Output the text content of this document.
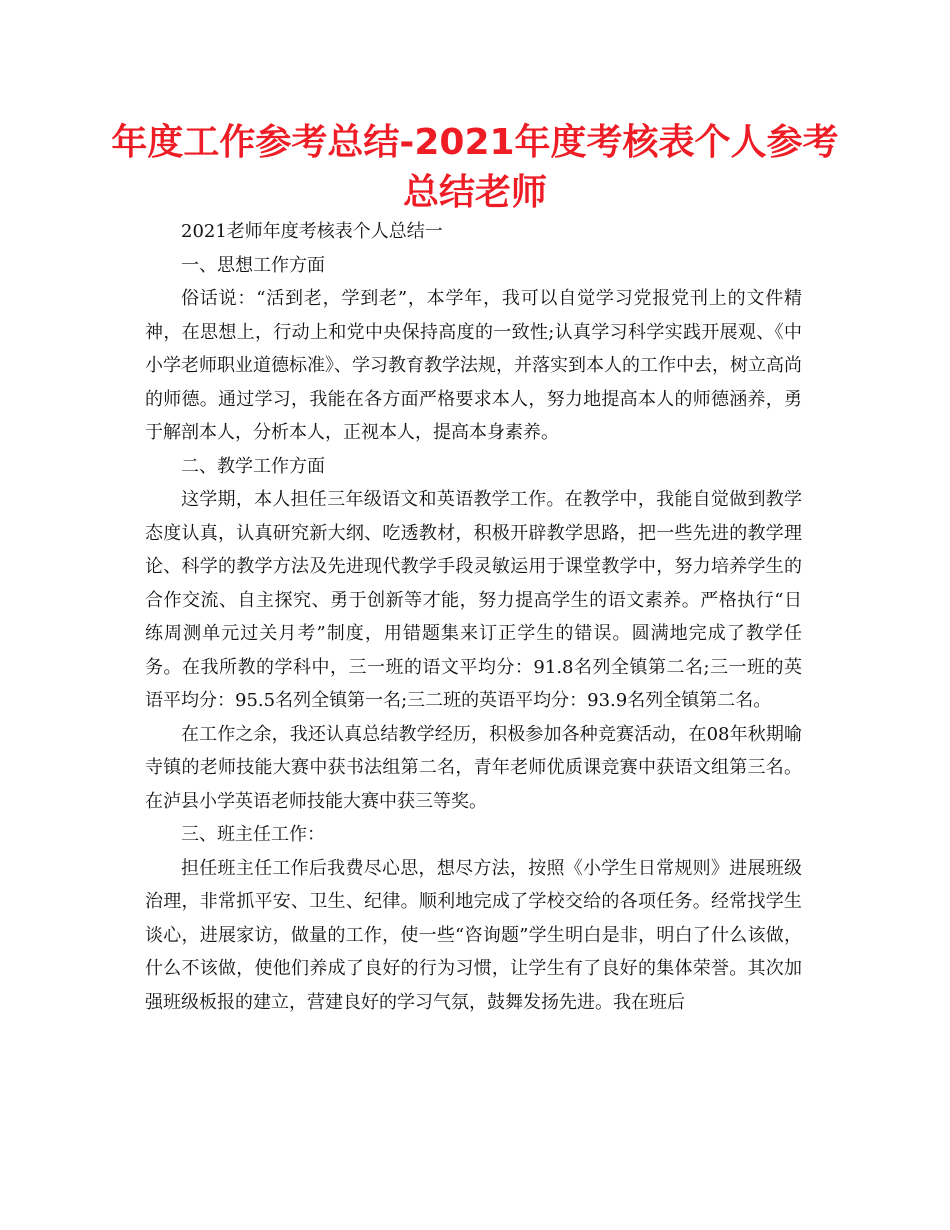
年度工作参考总结-2021年度考核表个人参考总结老师

2021老师年度考核表个人总结一

一、思想工作方面

俗话说：“活到老，学到老”，本学年，我可以自觉学习党报党刊上的文件精神，在思想上，行动上和党中央保持高度的一致性;认真学习科学实践开展观、《中小学老师职业道德标准》、学习教育教学法规，并落实到本人的工作中去，树立高尚的师德。通过学习，我能在各方面严格要求本人，努力地提高本人的师德涵养，勇于解剖本人，分析本人，正视本人，提高本身素养。

二、教学工作方面

这学期，本人担任三年级语文和英语教学工作。在教学中，我能自觉做到教学态度认真，认真研究新大纲、吃透教材，积极开辟教学思路，把一些先进的教学理论、科学的教学方法及先进现代教学手段灵敏运用于课堂教学中，努力培养学生的合作交流、自主探究、勇于创新等才能，努力提高学生的语文素养。严格执行“日练周测单元过关月考”制度，用错题集来订正学生的错误。圆满地完成了教学任务。在我所教的学科中，三一班的语文平均分：91.8名列全镇第二名;三一班的英语平均分：95.5名列全镇第一名;三二班的英语平均分：93.9名列全镇第二名。

在工作之余，我还认真总结教学经历，积极参加各种竞赛活动，在08年秋期喻寺镇的老师技能大赛中获书法组第二名，青年老师优质课竞赛中获语文组第三名。在泸县小学英语老师技能大赛中获三等奖。

三、班主任工作：

担任班主任工作后我费尽心思，想尽方法，按照《小学生日常规则》进展班级治理，非常抓平安、卫生、纪律。顺利地完成了学校交给的各项任务。经常找学生谈心，进展家访，做量的工作，使一些“咨询题”学生明白是非，明白了什么该做，什么不该做，使他们养成了良好的行为习惯，让学生有了良好的集体荣誉。其次加强班级板报的建立，营建良好的学习气氛，鼓舞发扬先进。我在班后
